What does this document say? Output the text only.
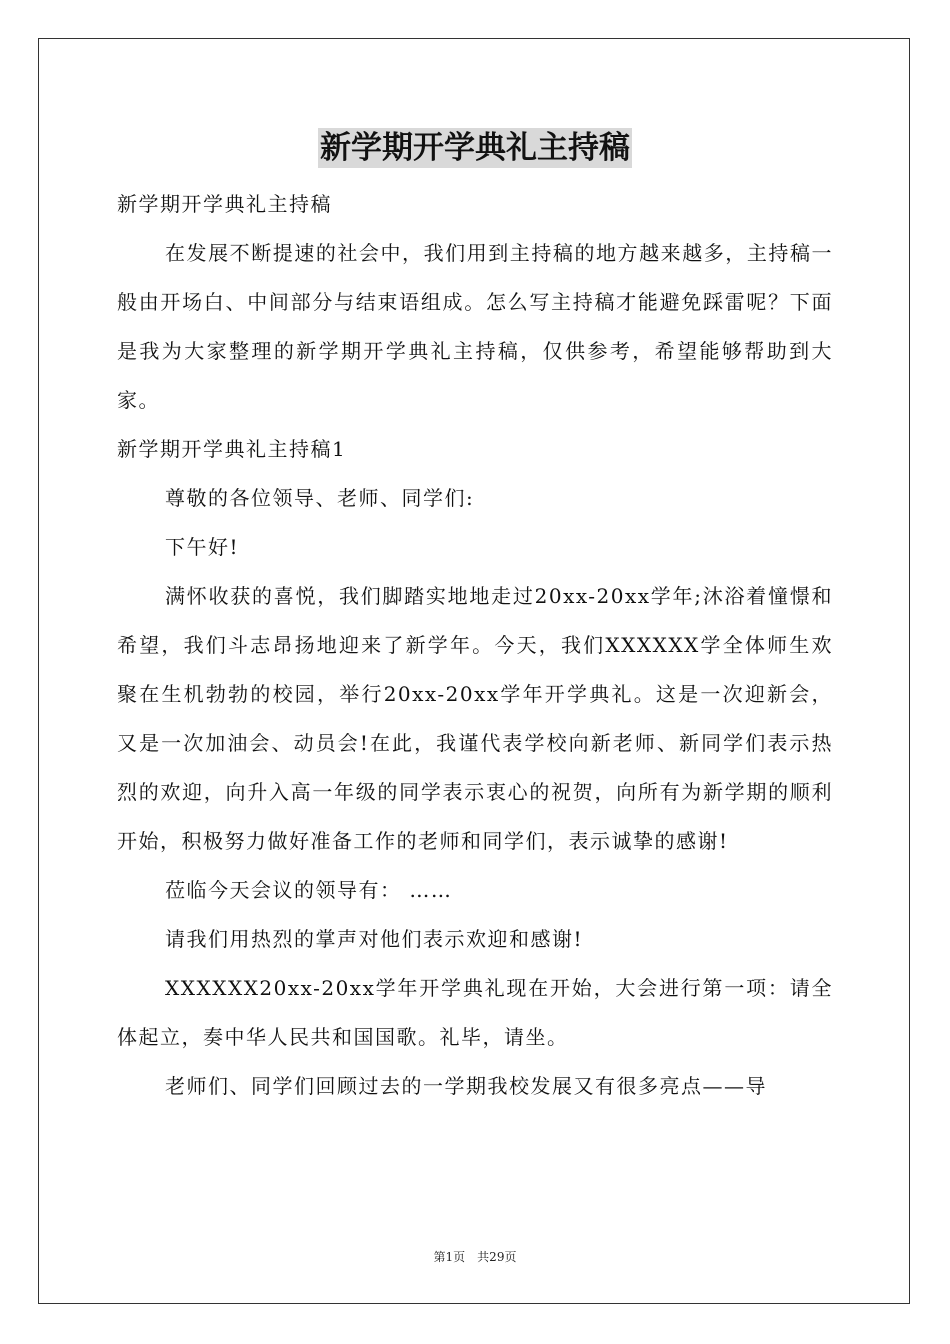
新学期开学典礼主持稿

新学期开学典礼主持稿

在发展不断提速的社会中，我们用到主持稿的地方越来越多，主持稿一般由开场白、中间部分与结束语组成。怎么写主持稿才能避免踩雷呢？下面是我为大家整理的新学期开学典礼主持稿，仅供参考，希望能够帮助到大家。

新学期开学典礼主持稿1

尊敬的各位领导、老师、同学们:

下午好!

满怀收获的喜悦，我们脚踏实地地走过20xx-20xx学年;沐浴着憧憬和希望，我们斗志昂扬地迎来了新学年。今天，我们XXXXXX学全体师生欢聚在生机勃勃的校园，举行20xx-20xx学年开学典礼。这是一次迎新会，又是一次加油会、动员会!在此，我谨代表学校向新老师、新同学们表示热烈的欢迎，向升入高一年级的同学表示衷心的祝贺，向所有为新学期的顺利开始，积极努力做好准备工作的老师和同学们，表示诚挚的感谢!

莅临今天会议的领导有： ……

请我们用热烈的掌声对他们表示欢迎和感谢!

XXXXXX20xx-20xx学年开学典礼现在开始，大会进行第一项：请全体起立，奏中华人民共和国国歌。礼毕，请坐。

老师们、同学们回顾过去的一学期我校发展又有很多亮点——导

第1页　共29页
